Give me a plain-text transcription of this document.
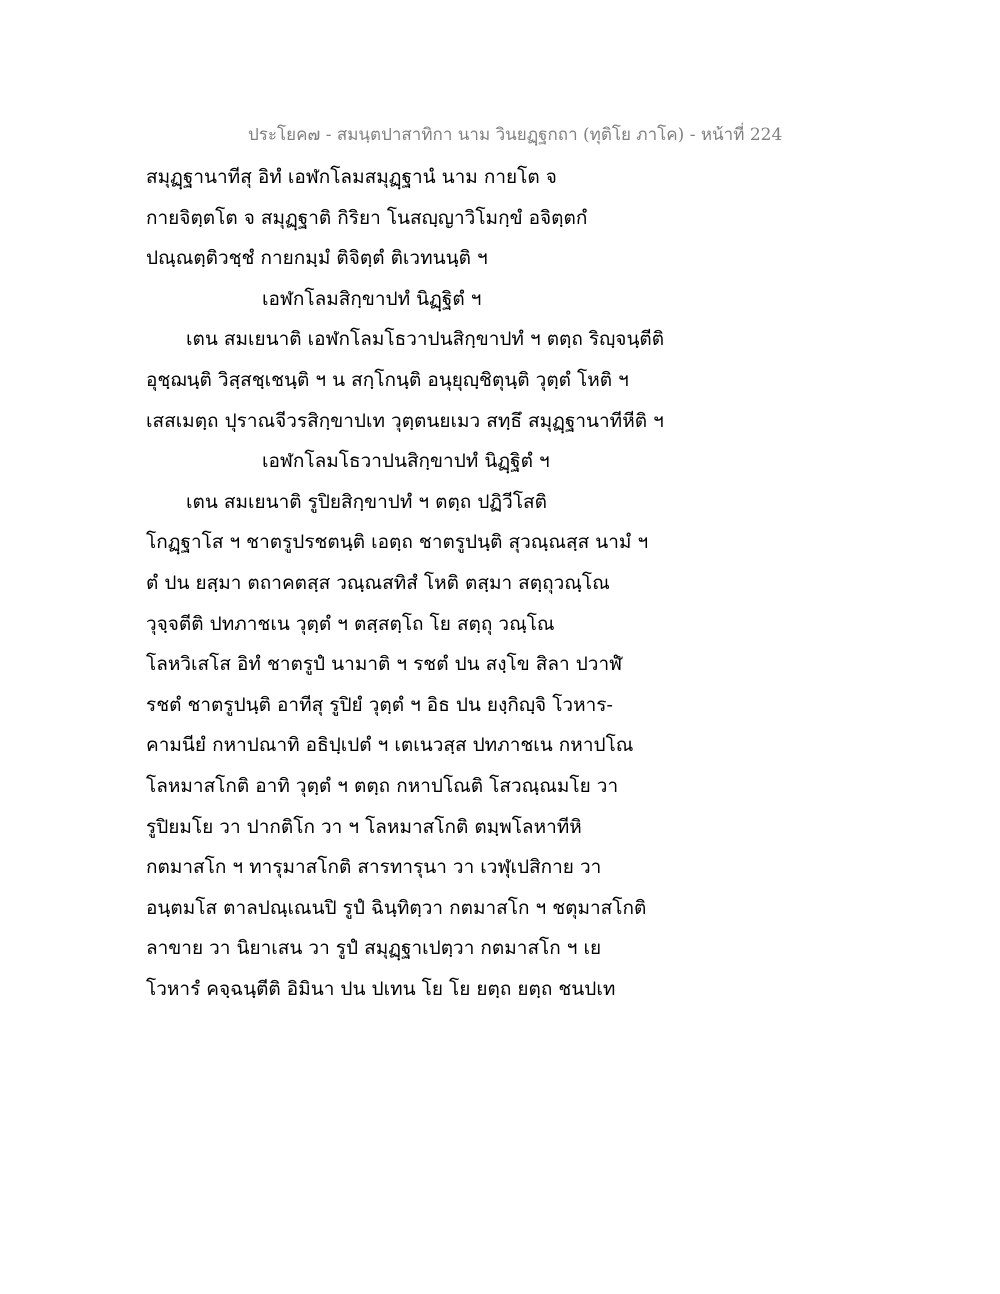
ประโยค๗ - สมนฺตปาสาทิกา นาม วินยฏฺฐกถา (ทุติโย ภาโค) - หน้าที่ 224
สมุฏฺฐานาทีสุ อิทํ เอฬกโลมสมุฏฺฐานํ นาม กายโต จ
กายจิตฺตโต จ สมุฏฺฐาติ กิริยา โนสญฺญาวิโมกฺขํ อจิตฺตกํ
ปณฺณตฺติวชฺชํ กายกมฺมํ ติจิตฺตํ ติเวทนนฺติ ฯ
เอฬกโลมสิกฺขาปทํ นิฏฺฐิตํ ฯ
เตน สมเยนาติ เอฬกโลมโธวาปนสิกฺขาปทํ ฯ ตตฺถ ริญฺจนฺตีติ
อุชฺฌนฺติ วิสฺสชฺเชนฺติ ฯ น สกฺโกนฺติ อนุยุญฺชิตุนฺติ วุตฺตํ โหติ ฯ
เสสเมตฺถ ปุราณจีวรสิกฺขาปเท วุตฺตนยเมว สทฺธึ สมุฏฺฐานาทีหีติ ฯ
เอฬกโลมโธวาปนสิกฺขาปทํ นิฏฺฐิตํ ฯ
เตน สมเยนาติ รูปิยสิกฺขาปทํ ฯ ตตฺถ ปฏิวีโสติ
โกฏฺฐาโส ฯ ชาตรูปรชตนฺติ เอตฺถ ชาตรูปนฺติ สุวณฺณสฺส นามํ ฯ
ตํ ปน ยสฺมา ตถาคตสฺส วณฺณสทิสํ โหติ ตสฺมา สตฺถุวณฺโณ
วุจฺจตีติ ปทภาชเน วุตฺตํ ฯ ตสฺสตฺโถ โย สตฺถุ วณฺโณ
โลหวิเสโส อิทํ ชาตรูปํ นามาติ ฯ รชตํ ปน สงฺโข สิลา ปวาฬํ
รชตํ ชาตรูปนฺติ อาทีสุ รูปิยํ วุตฺตํ ฯ อิธ ปน ยงฺกิญฺจิ โวหาร-
คามนียํ กหาปณาทิ อธิปฺเปตํ ฯ เตเนวสฺส ปทภาชเน กหาปโณ
โลหมาสโกติ อาทิ วุตฺตํ ฯ ตตฺถ กหาปโณติ โสวณฺณมโย วา
รูปิยมโย วา ปากติโก วา ฯ โลหมาสโกติ ตมฺพโลหาทีหิ
กตมาสโก ฯ ทารุมาสโกติ สารทารุนา วา เวฬุเปสิกาย วา
อนฺตมโส ตาลปณฺเณนปิ รูปํ ฉินฺทิตฺวา กตมาสโก ฯ ชตุมาสโกติ
ลาขาย วา นิยาเสน วา รูปํ สมุฏฺฐาเปตฺวา กตมาสโก ฯ เย
โวหารํ คจฺฉนฺตีติ อิมินา ปน ปเทน โย โย ยตฺถ ยตฺถ ชนปเท
